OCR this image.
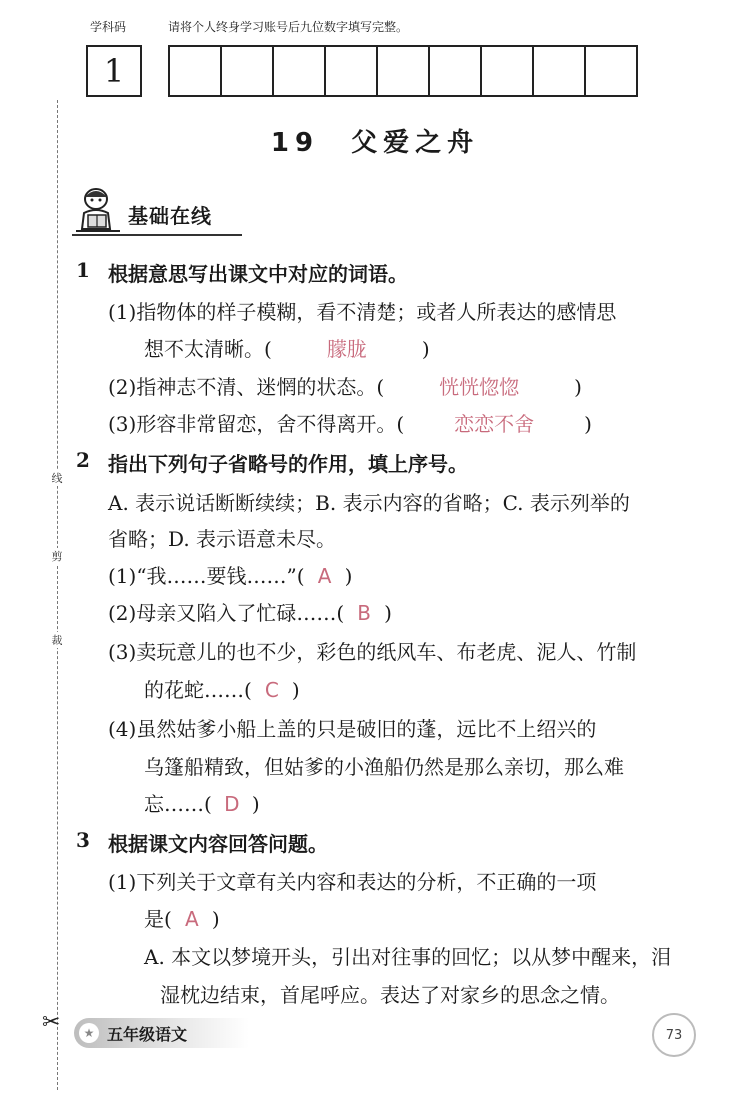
学科码	请将个人终身学习账号后九位数字填写完整。
1
线
剪
裁
✂
19　父爱之舟
基础在线
1 根据意思写出课文中对应的词语。
(1)指物体的样子模糊，看不清楚；或者人所表达的感情思
想不太清晰。(	朦胧	)
(2)指神志不清、迷惘的状态。(	恍恍惚惚	)
(3)形容非常留恋，舍不得离开。(	恋恋不舍	)
2 指出下列句子省略号的作用，填上序号。
A. 表示说话断断续续；B. 表示内容的省略；C. 表示列举的
省略；D. 表示语意未尽。
(1)“我……要钱……”( A )
(2)母亲又陷入了忙碌……( B )
(3)卖玩意儿的也不少，彩色的纸风车、布老虎、泥人、竹制
的花蛇……( C )
(4)虽然姑爹小船上盖的只是破旧的蓬，远比不上绍兴的
乌篷船精致，但姑爹的小渔船仍然是那么亲切，那么难
忘……( D )
3 根据课文内容回答问题。
(1)下列关于文章有关内容和表达的分析，不正确的一项
是( A )
A. 本文以梦境开头，引出对往事的回忆；以从梦中醒来，泪
湿枕边结束，首尾呼应。表达了对家乡的思念之情。
★ 五年级语文	73
